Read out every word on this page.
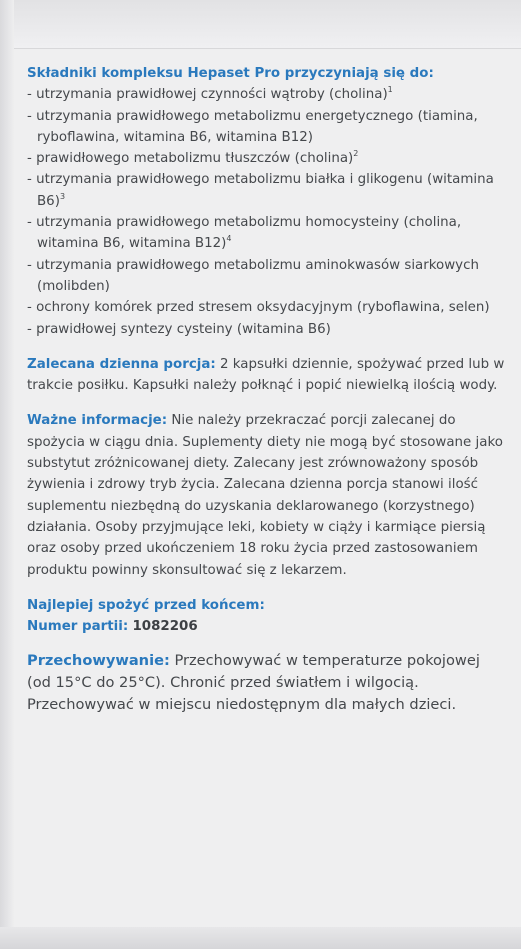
Składniki kompleksu Hepaset Pro przyczyniają się do:
- utrzymania prawidłowej czynności wątroby (cholina)$^1$
- utrzymania prawidłowego metabolizmu energetycznego (tiamina, ryboflawina, witamina B6, witamina B12)
- prawidłowego metabolizmu tłuszczów (cholina)$^2$
- utrzymania prawidłowego metabolizmu białka i glikogenu (witamina B6)$^3$
- utrzymania prawidłowego metabolizmu homocysteiny (cholina, witamina B6, witamina B12)$^4$
- utrzymania prawidłowego metabolizmu aminokwasów siarkowych (molibden)
- ochrony komórek przed stresem oksydacyjnym (ryboflawina, selen)
- prawidłowej syntezy cysteiny (witamina B6)

Zalecana dzienna porcja: 2 kapsułki dziennie, spożywać przed lub w trakcie posiłku. Kapsułki należy połknąć i popić niewielką ilością wody.

Ważne informacje: Nie należy przekraczać porcji zalecanej do spożycia w ciągu dnia. Suplementy diety nie mogą być stosowane jako substytut zróżnicowanej diety. Zalecany jest zrównoważony sposób żywienia i zdrowy tryb życia. Zalecana dzienna porcja stanowi ilość suplementu niezbędną do uzyskania deklarowanego (korzystnego) działania. Osoby przyjmujące leki, kobiety w ciąży i karmiące piersią oraz osoby przed ukończeniem 18 roku życia przed zastosowaniem produktu powinny skonsultować się z lekarzem.

Najlepiej spożyć przed końcem:
Numer partii: 1082206

Przechowywanie: Przechowywać w temperaturze pokojowej (od 15°C do 25°C). Chronić przed światłem i wilgocią. Przechowywać w miejscu niedostępnym dla małych dzieci.
